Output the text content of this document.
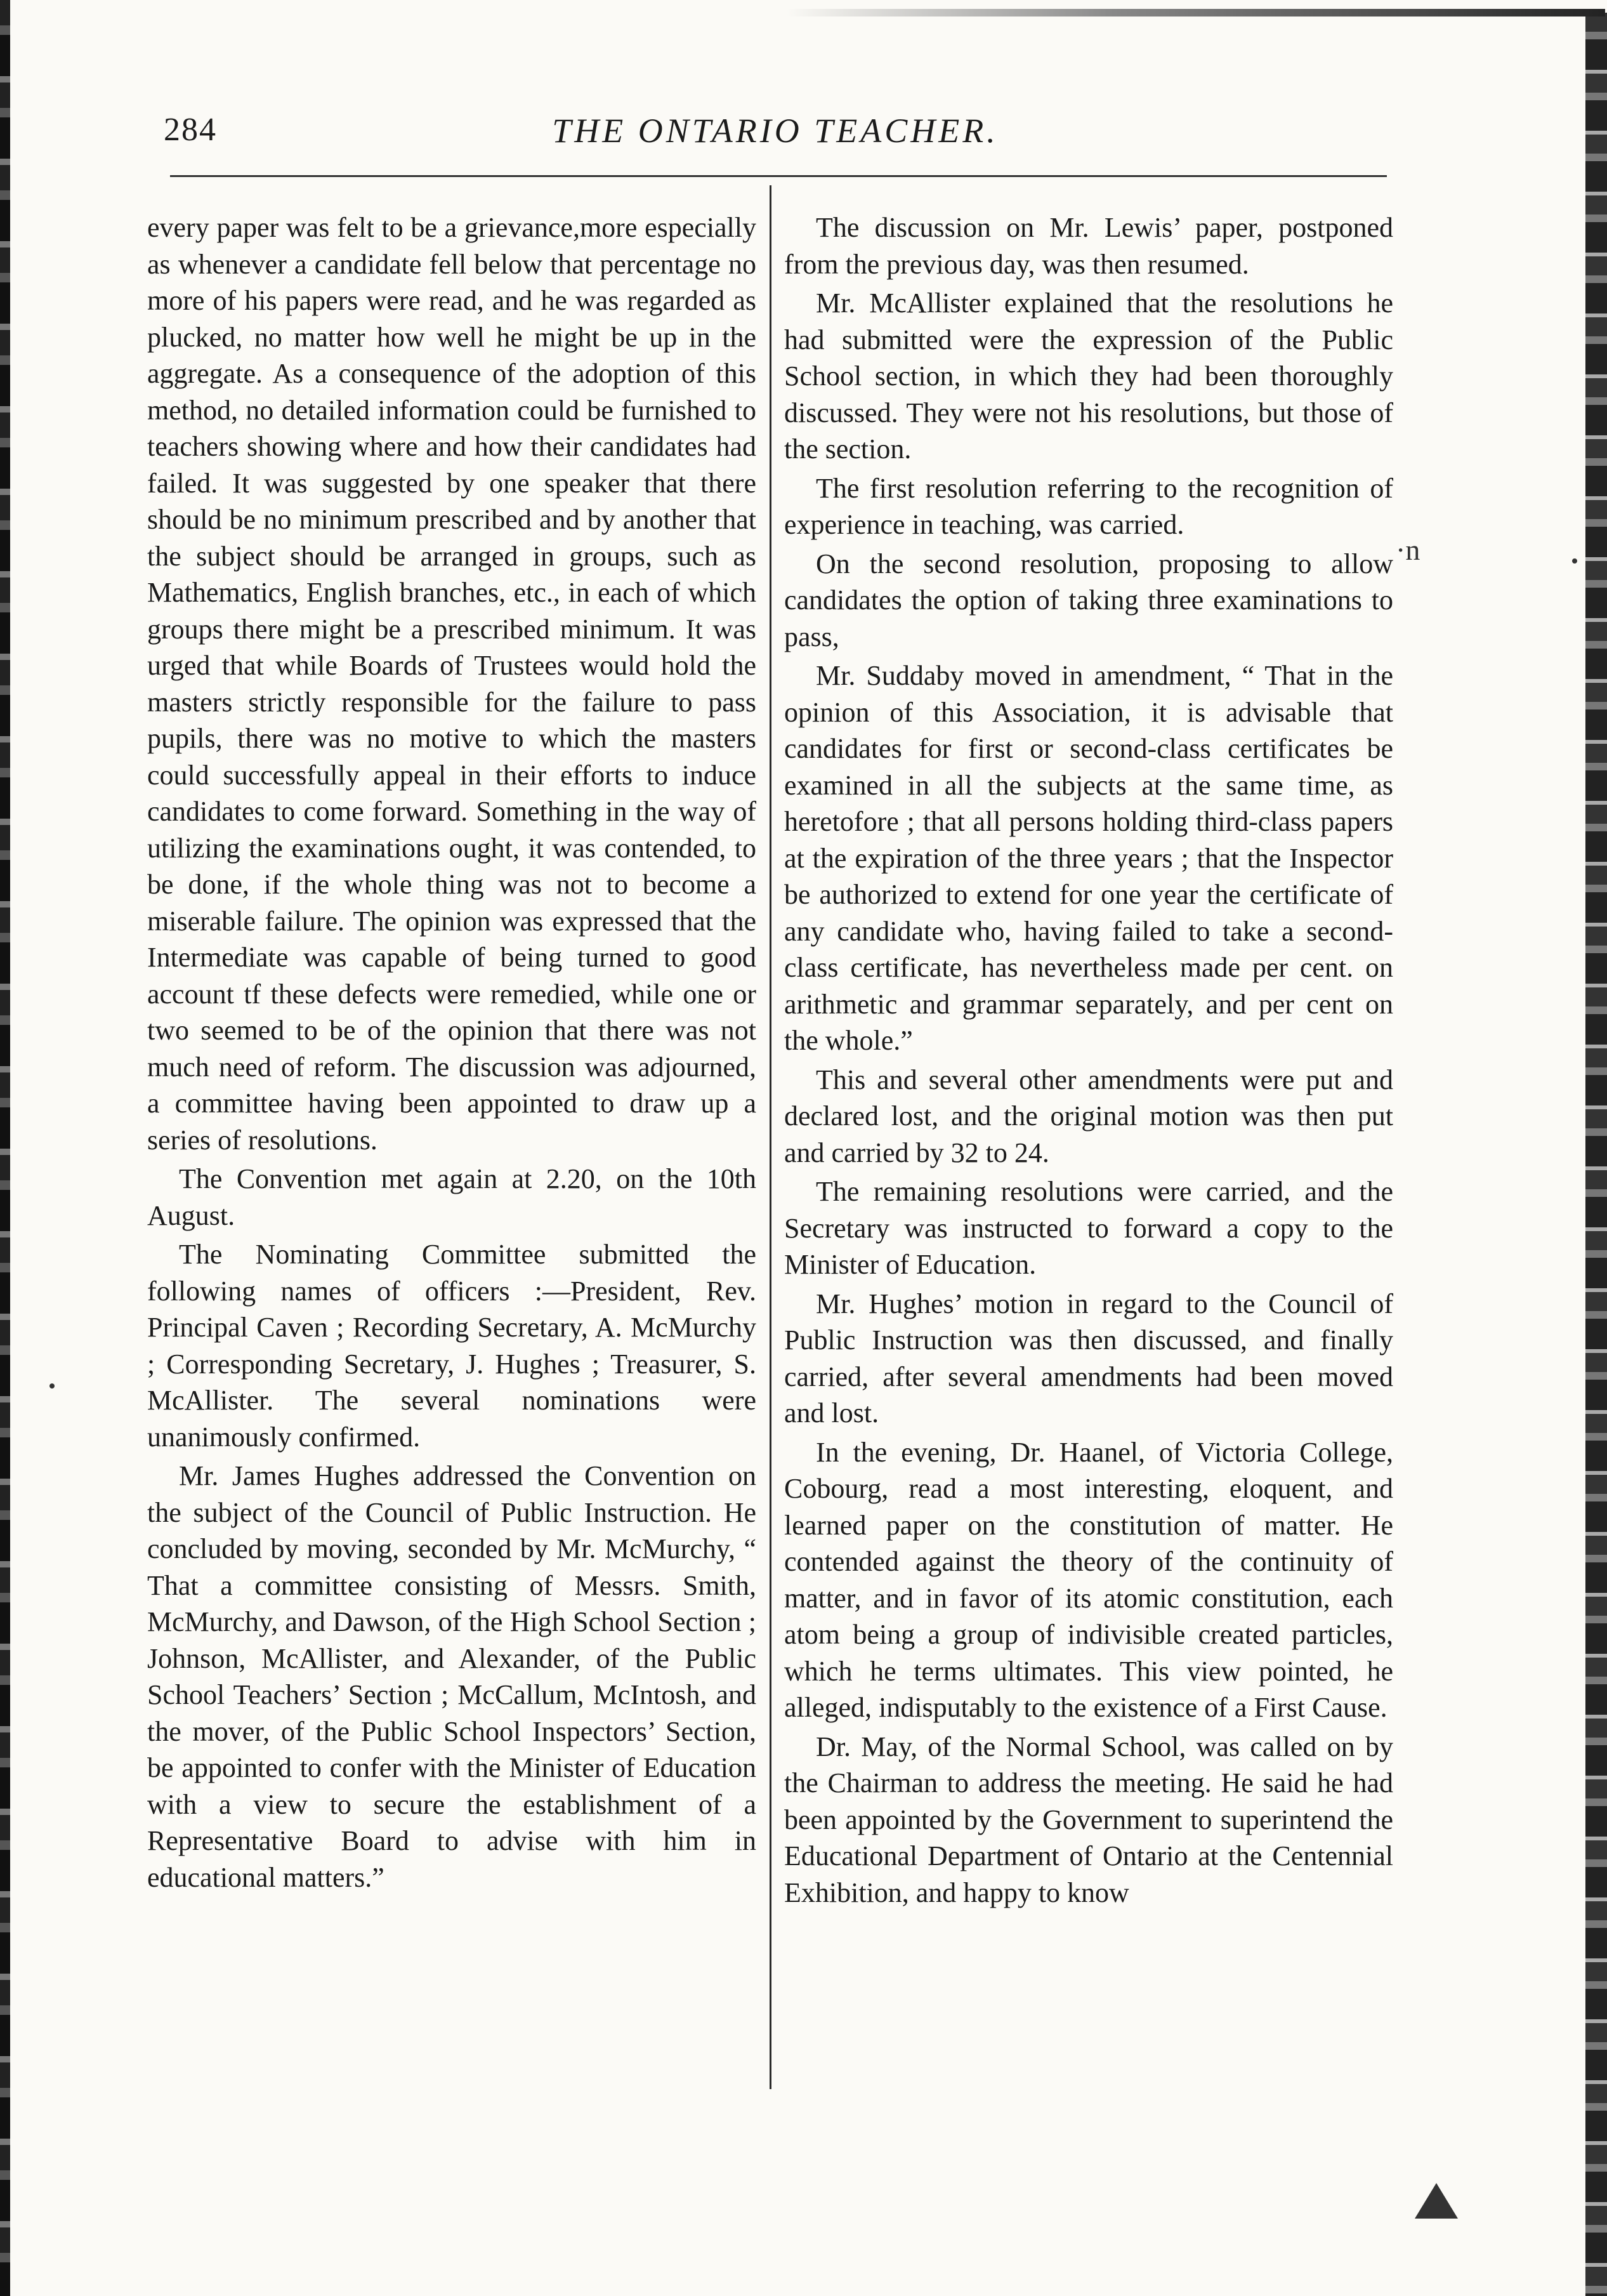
284	THE ONTARIO TEACHER.

every paper was felt to be a grievance,more especially as whenever a candidate fell below that percentage no more of his papers were read, and he was regarded as plucked, no matter how well he might be up in the aggregate. As a consequence of the adoption of this method, no detailed information could be furnished to teachers showing where and how their candidates had failed. It was suggested by one speaker that there should be no minimum prescribed and by another that the subject should be arranged in groups, such as Mathematics, English branches, etc., in each of which groups there might be a prescribed minimum. It was urged that while Boards of Trustees would hold the masters strictly responsible for the failure to pass pupils, there was no motive to which the masters could successfully appeal in their efforts to induce candidates to come forward. Something in the way of utilizing the examinations ought, it was contended, to be done, if the whole thing was not to become a miserable failure. The opinion was expressed that the Intermediate was capable of being turned to good account tf these defects were remedied, while one or two seemed to be of the opinion that there was not much need of reform. The discussion was adjourned, a committee having been appointed to draw up a series of resolutions.

The Convention met again at 2.20, on the 10th August.

The Nominating Committee submitted the following names of officers :—President, Rev. Principal Caven ; Recording Secretary, A. McMurchy ; Corresponding Secretary, J. Hughes ; Treasurer, S. McAllister. The several nominations were unanimously confirmed.

Mr. James Hughes addressed the Convention on the subject of the Council of Public Instruction. He concluded by moving, seconded by Mr. McMurchy, “ That a committee consisting of Messrs. Smith, McMurchy, and Dawson, of the High School Section ; Johnson, McAllister, and Alexander, of the Public School Teachers’ Section ; McCallum, McIntosh, and the mover, of the Public School Inspectors’ Section, be appointed to confer with the Minister of Education with a view to secure the establishment of a Representative Board to advise with him in educational matters.”

The discussion on Mr. Lewis’ paper, postponed from the previous day, was then resumed.

Mr. McAllister explained that the resolutions he had submitted were the expression of the Public School section, in which they had been thoroughly discussed. They were not his resolutions, but those of the section.

The first resolution referring to the recognition of experience in teaching, was carried.

On the second resolution, proposing to allow candidates the option of taking three examinations to pass,

Mr. Suddaby moved in amendment, “ That in the opinion of this Association, it is advisable that candidates for first or second-class certificates be examined in all the subjects at the same time, as heretofore ; that all persons holding third-class papers at the expiration of the three years ; that the Inspector be authorized to extend for one year the certificate of any candidate who, having failed to take a second-class certificate, has nevertheless made per cent. on arithmetic and grammar separately, and per cent on the whole.”

This and several other amendments were put and declared lost, and the original motion was then put and carried by 32 to 24.

The remaining resolutions were carried, and the Secretary was instructed to forward a copy to the Minister of Education.

Mr. Hughes’ motion in regard to the Council of Public Instruction was then discussed, and finally carried, after several amendments had been moved and lost.

In the evening, Dr. Haanel, of Victoria College, Cobourg, read a most interesting, eloquent, and learned paper on the constitution of matter. He contended against the theory of the continuity of matter, and in favor of its atomic constitution, each atom being a group of indivisible created particles, which he terms ultimates. This view pointed, he alleged, indisputably to the existence of a First Cause.

Dr. May, of the Normal School, was called on by the Chairman to address the meeting. He said he had been appointed by the Government to superintend the Educational Department of Ontario at the Centennial Exhibition, and happy to know

·n
